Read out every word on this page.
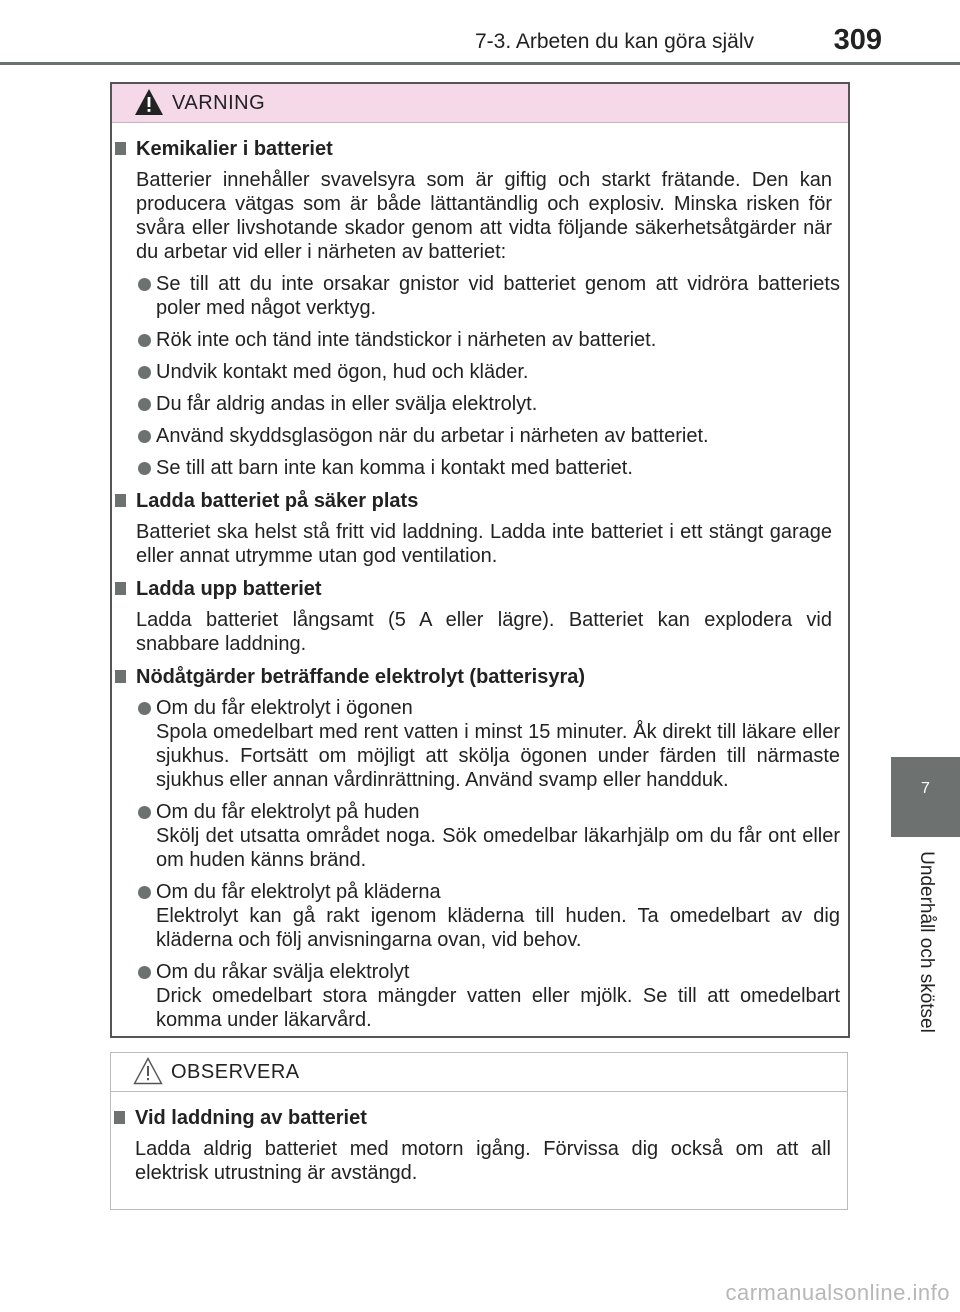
7-3. Arbeten du kan göra själv	309
7
Underhåll och skötsel
VARNING
Kemikalier i batteriet
Batterier innehåller svavelsyra som är giftig och starkt frätande. Den kan producera vätgas som är både lättantändlig och explosiv. Minska risken för svåra eller livshotande skador genom att vidta följande säkerhetsåtgärder när du arbetar vid eller i närheten av batteriet:
Se till att du inte orsakar gnistor vid batteriet genom att vidröra batteriets poler med något verktyg.
Rök inte och tänd inte tändstickor i närheten av batteriet.
Undvik kontakt med ögon, hud och kläder.
Du får aldrig andas in eller svälja elektrolyt.
Använd skyddsglasögon när du arbetar i närheten av batteriet.
Se till att barn inte kan komma i kontakt med batteriet.
Ladda batteriet på säker plats
Batteriet ska helst stå fritt vid laddning. Ladda inte batteriet i ett stängt garage eller annat utrymme utan god ventilation.
Ladda upp batteriet
Ladda batteriet långsamt (5 A eller lägre). Batteriet kan explodera vid snabbare laddning.
Nödåtgärder beträffande elektrolyt (batterisyra)
Om du får elektrolyt i ögonen
Spola omedelbart med rent vatten i minst 15 minuter. Åk direkt till läkare eller sjukhus. Fortsätt om möjligt att skölja ögonen under färden till närmaste sjukhus eller annan vårdinrättning. Använd svamp eller handduk.
Om du får elektrolyt på huden
Skölj det utsatta området noga. Sök omedelbar läkarhjälp om du får ont eller om huden känns bränd.
Om du får elektrolyt på kläderna
Elektrolyt kan gå rakt igenom kläderna till huden. Ta omedelbart av dig kläderna och följ anvisningarna ovan, vid behov.
Om du råkar svälja elektrolyt
Drick omedelbart stora mängder vatten eller mjölk. Se till att omedelbart komma under läkarvård.
OBSERVERA
Vid laddning av batteriet
Ladda aldrig batteriet med motorn igång. Förvissa dig också om att all elektrisk utrustning är avstängd.
carmanualsonline.info
